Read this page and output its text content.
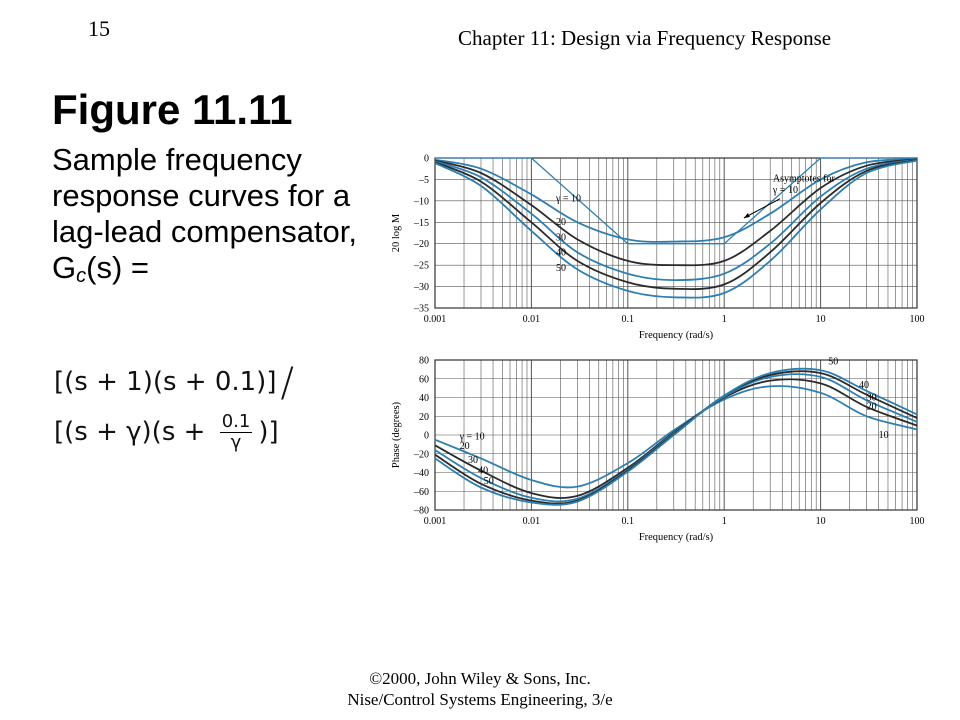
15	Chapter 11: Design via Frequency Response
Figure 11.11
Sample frequency response curves for a lag-lead compensator, $G_c(s)$ =
[(s + 1)(s + 0.1)] /
[$(s + \gamma)(s + \frac{0.1}{\gamma}$ )]
0
–5
–10
–15
–20
–25
–30
–35
0.001	0.01	0.1	1	10	100
Frequency (rad/s)
20 log M
γ = 10
20
30
40
50
Asymptotes for
γ = 10
80
60
40
20
0
–20
–40
–60
–80
0.001	0.01	0.1	1	10	100
Frequency (rad/s)
Phase (degrees)	γ = 10
20
30
40
50
50
40
30
20
10
©2000, John Wiley & Sons, Inc.
Nise/Control Systems Engineering, 3/e
